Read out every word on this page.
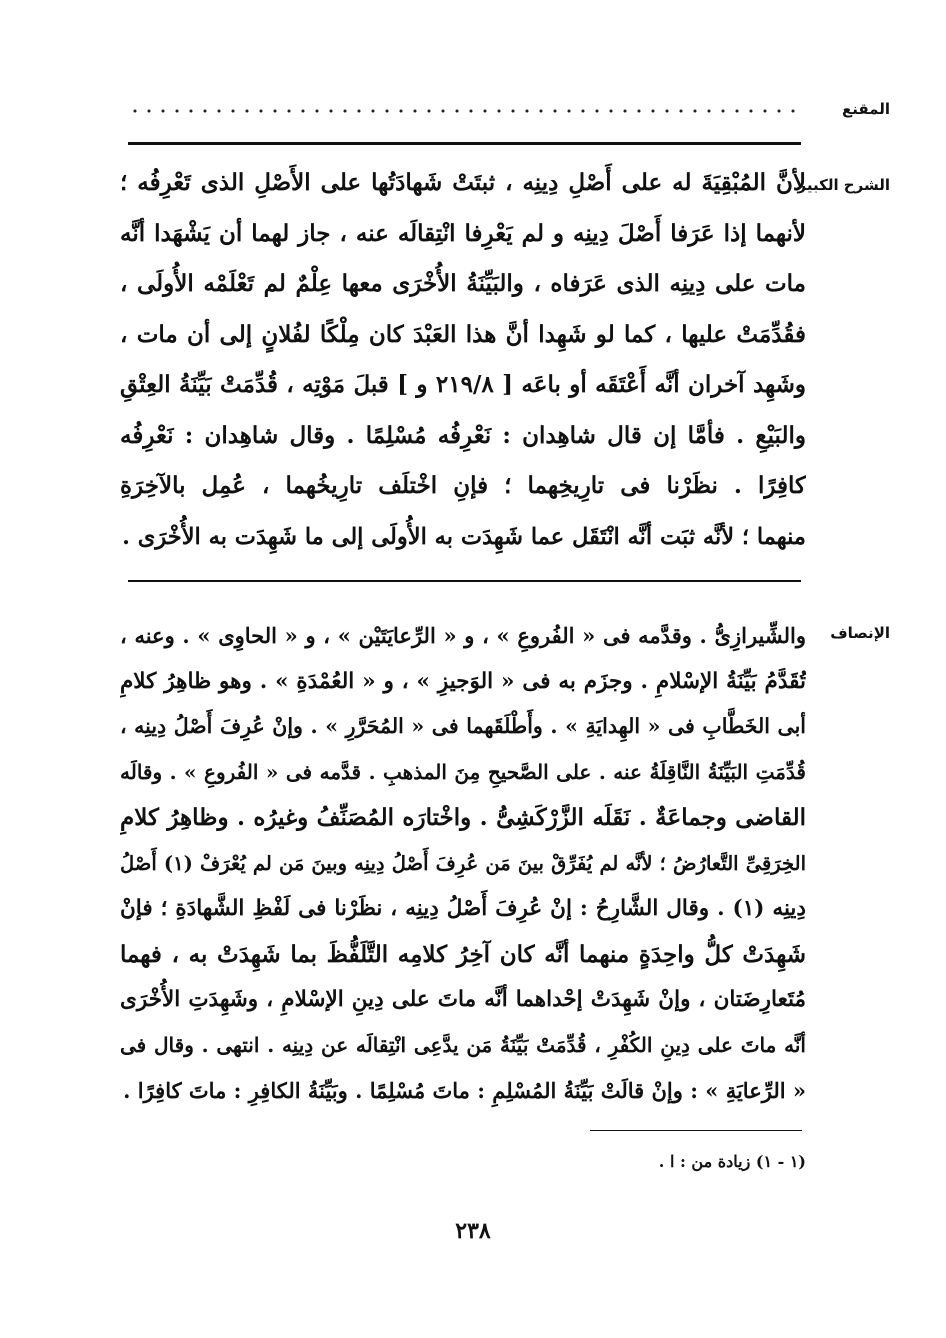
المقنع
الشرح الكبير
لأنَّ المُبْقِيَةَ له على أَصْلِ دِينِه ، ثبتَتْ شَهادَتُها على الأَصْلِ الذى تَعْرِفُه ؛
لأنهما إذا عَرَفا أَصْلَ دِينِه و لم يَعْرِفا انْتِقالَه عنه ، جاز لهما أن يَشْهَدا أنَّه
مات على دِينِه الذى عَرَفاه ، والبَيِّنَةُ الأُخْرَى معها عِلْمٌ لم تَعْلَمْه الأُولَى ،
فقُدِّمَتْ عليها ، كما لو شَهِدا أنَّ هذا العَبْدَ كان مِلْكًا لفُلانٍ إلى أن مات ،
وشَهِد آخران أنَّه أَعْتَقَه أو باعَه [ ٢١٩/٨ و ] قبلَ مَوْتِه ، قُدِّمَتْ بَيِّنَةُ العِتْقِ
والبَيْعِ . فأمَّا إن قال شاهِدان : نَعْرِفُه مُسْلِمًا . وقال شاهِدان : نَعْرِفُه
كافِرًا . نظَرْنا فى تارِيخِهما ؛ فإنِ اخْتلَف تارِيخُهما ، عُمِل بالآخِرَةِ
منهما ؛ لأنَّه ثبَت أنَّه انْتَقَل عما شَهِدَت به الأُولَى إلى ما شَهِدَت به الأُخْرَى .
الإنصاف
والشِّيرازِىُّ . وقدَّمه فى « الفُروعِ » ، و « الرِّعايَتَيْن » ، و « الحاوِى » . وعنه ،
تُقَدَّمُ بَيِّنَةُ الإسْلامِ . وجزَم به فى « الوَجيزِ » ، و « العُمْدَةِ » . وهو ظاهِرُ كلامِ
أبى الخَطَّابِ فى « الهِدايَةِ » . وأَطْلَقَهما فى « المُحَرَّرِ » . وإنْ عُرِفَ أَصْلُ دِينِه ،
قُدِّمَتِ البَيِّنَةُ النَّاقِلَةُ عنه . على الصَّحيحِ مِنَ المذهبِ . قدَّمه فى « الفُروعِ » . وقالَه
القاضى وجماعَةٌ . نَقَلَه الزَّرْكَشِىُّ . واخْتارَه المُصَنِّفُ وغيرُه . وظاهِرُ كلامِ
الخِرَقِىِّ التَّعارُضُ ؛ لأنَّه لم يُفَرِّقْ بينَ مَن عُرِفَ أَصْلُ دِينِه وبينَ مَن لم يُعْرَفْ (١) أَصْلُ
دِينِه (١) . وقال الشَّارِحُ : إنْ عُرِفَ أَصْلُ دِينِه ، نظَرْنا فى لَفْظِ الشَّهادَةِ ؛ فإنْ
شَهِدَتْ كلُّ واحِدَةٍ منهما أنَّه كان آخِرُ كلامِه التَّلَفُّظَ بما شَهِدَتْ به ، فهما
مُتَعارِضَتان ، وإنْ شَهِدَتْ إحْداهما أنَّه ماتَ على دِينِ الإسْلامِ ، وشَهِدَتِ الأُخْرَى
أنَّه ماتَ على دِينِ الكُفْرِ ، قُدِّمَتْ بَيِّنَةُ مَن يدَّعِى انْتِقالَه عن دِينِه . انتهى . وقال فى
« الرِّعايَةِ » : وإنْ قالَتْ بَيِّنَةُ المُسْلِمِ : ماتَ مُسْلِمًا . وبَيِّنَةُ الكافِرِ : ماتَ كافِرًا .
(١ - ١) زيادة من : ا .
٢٣٨
